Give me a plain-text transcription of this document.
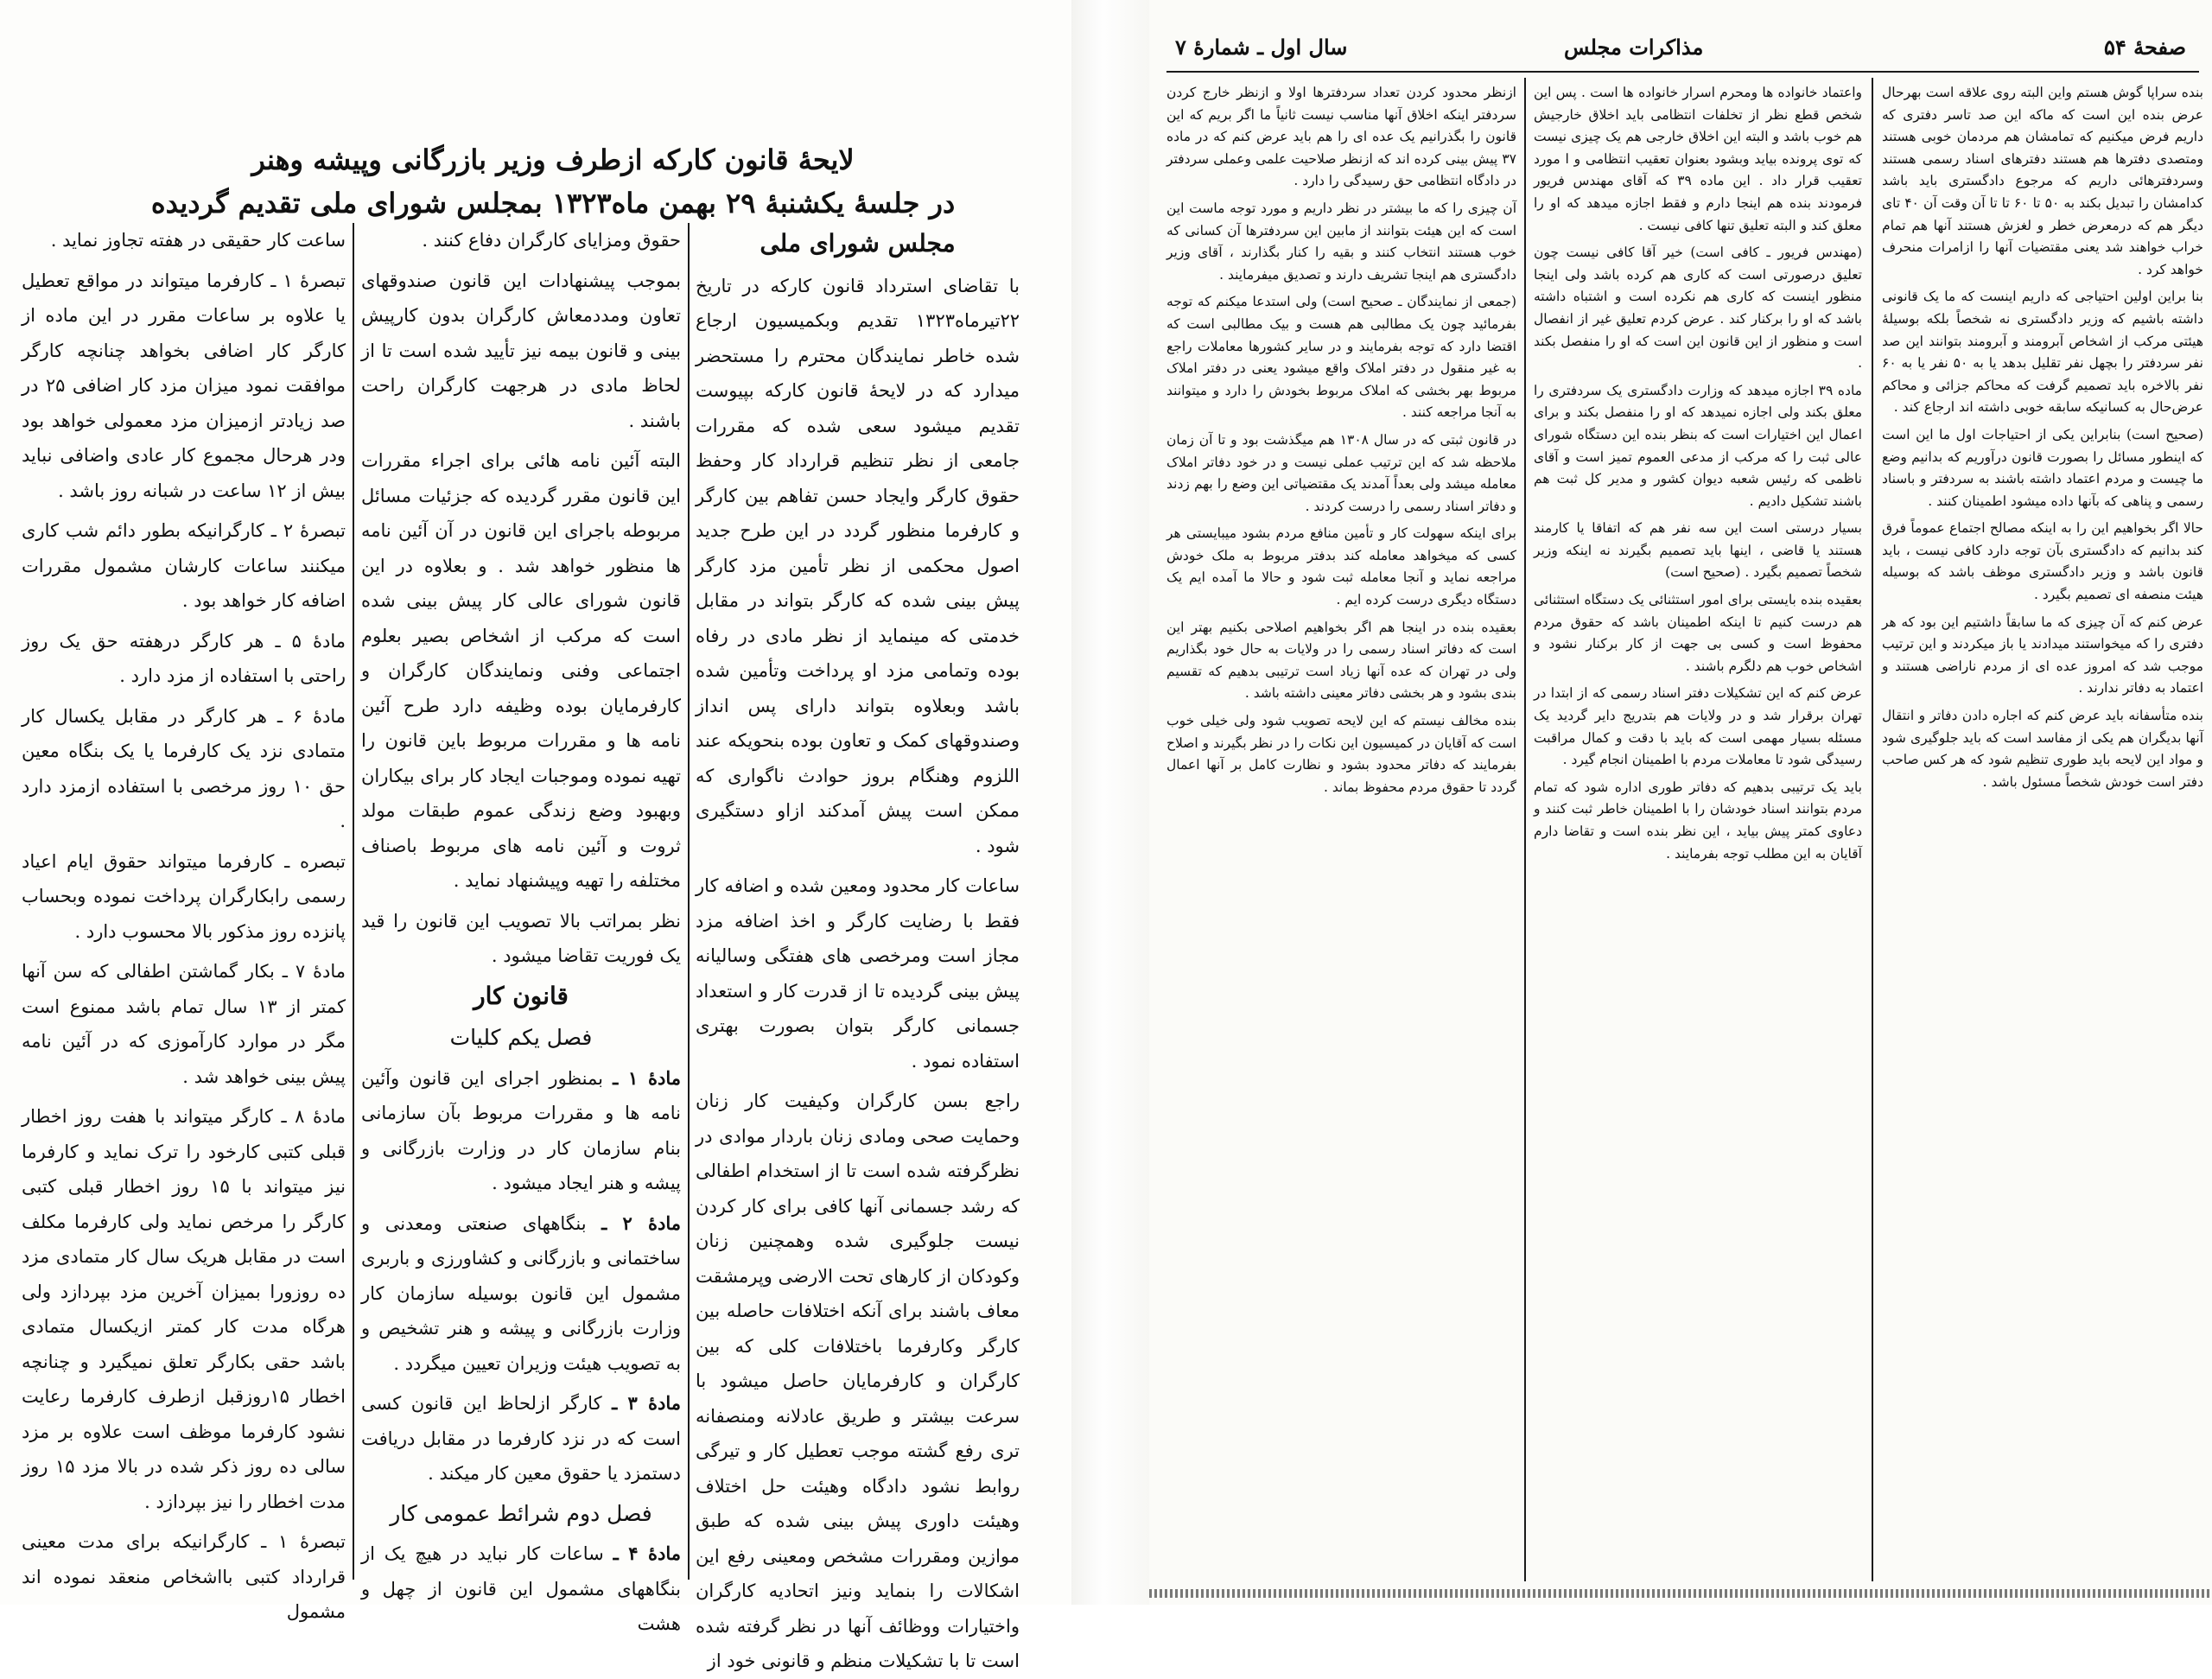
لایحهٔ قانون کارکه ازطرف وزیر بازرگانی وپیشه وهنر
در جلسهٔ یکشنبهٔ ۲۹ بهمن ماه۱۳۲۳ بمجلس شورای ملی تقدیم گردیده
مجلس شورای ملی

با تقاضای استرداد قانون کارکه در تاریخ ۲۲تیرماه۱۳۲۳ تقدیم وبکمیسیون ارجاع شده خاطر نمایندگان محترم را مستحضر میدارد که در لایحهٔ قانون کارکه بپیوست تقدیم میشود سعی شده که مقررات جامعی از نظر تنظیم قرارداد کار وحفظ حقوق کارگر وایجاد حسن تفاهم بین کارگر و کارفرما منظور گردد در این طرح جدید اصول محکمی از نظر تأمین مزد کارگر پیش بینی شده که کارگر بتواند در مقابل خدمتی که مینماید از نظر مادی در رفاه بوده وتمامی مزد او پرداخت وتأمین شده باشد وبعلاوه بتواند دارای پس انداز وصندوقهای کمک و تعاون بوده بنحویکه عند اللزوم وهنگام بروز حوادث ناگواری که ممکن است پیش آمدکند ازاو دستگیری شود .

ساعات کار محدود ومعین شده و اضافه کار فقط با رضایت کارگر و اخذ اضافه مزد مجاز است ومرخصی های هفتگی وسالیانه پیش بینی گردیده تا از قدرت کار و استعداد جسمانی کارگر بتوان بصورت بهتری استفاده نمود .

راجع بسن کارگران وکیفیت کار زنان وحمایت صحی ومادی زنان باردار موادی در نظرگرفته شده است تا از استخدام اطفالی که رشد جسمانی آنها کافی برای کار کردن نیست جلوگیری شده وهمچنین زنان وکودکان از کارهای تحت الارضی وپرمشقت معاف باشند برای آنکه اختلافات حاصله بین کارگر وکارفرما باختلافات کلی که بین کارگران و کارفرمایان حاصل میشود با سرعت بیشتر و طریق عادلانه ومنصفانه تری رفع گشته موجب تعطیل کار و تیرگی روابط نشود دادگاه وهیئت حل اختلاف وهیئت داوری پیش بینی شده که طبق موازین ومقررات مشخص ومعینی رفع این اشکالات را بنماید ونیز اتحادیه کارگران واختیارات ووظائف آنها در نظر گرفته شده است تا با تشکیلات منظم و قانونی خود از

حقوق ومزایای کارگران دفاع کنند .

بموجب پیشنهادات این قانون صندوقهای تعاون ومددمعاش کارگران بدون کارپیش بینی و قانون بیمه نیز تأیید شده است تا از لحاظ مادی در هرجهت کارگران راحت باشند .

البته آئین نامه هائی برای اجراء مقررات این قانون مقرر گردیده که جزئیات مسائل مربوطه باجرای این قانون در آن آئین نامه ها منظور خواهد شد . و بعلاوه در این قانون شورای عالی کار پیش بینی شده است که مرکب از اشخاص بصیر بعلوم اجتماعی وفنی ونمایندگان کارگران و کارفرمایان بوده وظیفه دارد طرح آئین نامه ها و مقررات مربوط باین قانون را تهیه نموده وموجبات ایجاد کار برای بیکاران وبهبود وضع زندگی عموم طبقات مولد ثروت و آئین نامه های مربوط باصناف مختلفه را تهیه وپیشنهاد نماید .

نظر بمراتب بالا تصویب این قانون را قید یک فوریت تقاضا میشود .

قانون کار
فصل یکم کلیات

مادهٔ ۱ ـ بمنظور اجرای این قانون وآئین نامه ها و مقررات مربوط بآن سازمانی بنام سازمان کار در وزارت بازرگانی و پیشه و هنر ایجاد میشود .

مادهٔ ۲ ـ بنگاههای صنعتی ومعدنی و ساختمانی و بازرگانی و کشاورزی و باربری مشمول این قانون بوسیله سازمان کار وزارت بازرگانی و پیشه و هنر تشخیص و به تصویب هیئت وزیران تعیین میگردد .

مادهٔ ۳ ـ کارگر ازلحاظ این قانون کسی است که در نزد کارفرما در مقابل دریافت دستمزد یا حقوق معین کار میکند .

فصل دوم شرائط عمومی کار

مادهٔ ۴ ـ ساعات کار نباید در هیچ یک از بنگاههای مشمول این قانون از چهل و هشت

ساعت کار حقیقی در هفته تجاوز نماید .

تبصرهٔ ۱ ـ کارفرما میتواند در مواقع تعطیل یا علاوه بر ساعات مقرر در این ماده از کارگر کار اضافی بخواهد چنانچه کارگر موافقت نمود میزان مزد کار اضافی ۲۵ در صد زیادتر ازمیزان مزد معمولی خواهد بود ودر هرحال مجموع کار عادی واضافی نباید بیش از ۱۲ ساعت در شبانه روز باشد .

تبصرهٔ ۲ ـ کارگرانیکه بطور دائم شب کاری میکنند ساعات کارشان مشمول مقررات اضافه کار خواهد بود .

مادهٔ ۵ ـ هر کارگر درهفته حق یک روز راحتی با استفاده از مزد دارد .

مادهٔ ۶ ـ هر کارگر در مقابل یکسال کار متمادی نزد یک کارفرما یا یک بنگاه معین حق ۱۰ روز مرخصی با استفاده ازمزد دارد .

تبصره ـ کارفرما میتواند حقوق ایام اعیاد رسمی رابکارگران پرداخت نموده وبحساب پانزده روز مذکور بالا محسوب دارد .

مادهٔ ۷ ـ بکار گماشتن اطفالی که سن آنها کمتر از ۱۳ سال تمام باشد ممنوع است مگر در موارد کارآموزی که در آئین نامه پیش بینی خواهد شد .

مادهٔ ۸ ـ کارگر میتواند با هفت روز اخطار قبلی کتبی کارخود را ترک نماید و کارفرما نیز میتواند با ۱۵ روز اخطار قبلی کتبی کارگر را مرخص نماید ولی کارفرما مکلف است در مقابل هریک سال کار متمادی مزد ده روزورا بمیزان آخرین مزد بپردازد ولی هرگاه مدت کار کمتر ازیکسال متمادی باشد حقی بکارگر تعلق نمیگیرد و چنانچه اخطار ۱۵روزقبل ازطرف کارفرما رعایت نشود کارفرما موظف است علاوه بر مزد سالی ده روز ذکر شده در بالا مزد ۱۵ روز مدت اخطار را نیز بپردازد .

تبصرهٔ ۱ ـ کارگرانیکه برای مدت معینی قرارداد کتبی بااشخاص منعقد نموده اند مشمول

صفحهٔ ۵۴
مذاکرات مجلس
سال اول ـ شمارهٔ ۷

بنده سراپا گوش هستم واین البته روی علاقه است بهرحال عرض بنده این است که ماکه این صد تاسر دفتری که داریم فرض میکنیم که تمامشان هم مردمان خوبی هستند ومتصدی دفترها هم هستند دفترهای اسناد رسمی هستند وسردفترهائی داریم که مرجوع دادگستری باید باشد کدامشان را تبدیل بکند به ۵۰ تا ۶۰ تا تا آن وقت آن ۴۰ تای دیگر هم که درمعرض خطر و لغزش هستند آنها هم تمام خراب خواهند شد یعنی مقتضیات آنها را ازامرات منحرف خواهد کرد .

بنا براین اولین احتیاجی که داریم اینست که ما یک قانونی داشته باشیم که وزیر دادگستری نه شخصاً بلکه بوسیلهٔ هیئتی مرکب از اشخاص آبرومند و آبرومند بتوانند این صد نفر سردفتر را بچهل نفر تقلیل بدهد یا به ۵۰ نفر یا به ۶۰ نفر بالاخره باید تصمیم گرفت که محاکم جزائی و محاکم عرض‌حال به کسانیکه سابقه خوبی داشته اند ارجاع کند .

(صحیح است) بنابراین یکی از احتیاجات اول ما این است که اینطور مسائل را بصورت قانون درآوریم که بدانیم وضع ما چیست و مردم اعتماد داشته باشند به سردفتر و باسناد رسمی و پناهی که بآنها داده میشود اطمینان کنند .

حالا اگر بخواهیم این را به اینکه مصالح اجتماع عموماً فرق کند بدانیم که دادگستری بآن توجه دارد کافی نیست ، باید قانون باشد و وزیر دادگستری موظف باشد که بوسیله هیئت منصفه ای تصمیم بگیرد .

عرض کنم که آن چیزی که ما سابقاً داشتیم این بود که هر دفتری را که میخواستند میدادند یا باز میکردند و این ترتیب موجب شد که امروز عده ای از مردم ناراضی هستند و اعتماد به دفاتر ندارند .

بنده متأسفانه باید عرض کنم که اجاره دادن دفاتر و انتقال آنها بدیگران هم یکی از مفاسد است که باید جلوگیری شود و مواد این لایحه باید طوری تنظیم شود که هر کس صاحب دفتر است خودش شخصاً مسئول باشد .

واعتماد خانواده ها ومحرم اسرار خانواده ها است . پس این شخص قطع نظر از تخلفات انتظامی باید اخلاق خارجیش هم خوب باشد و البته این اخلاق خارجی هم یک چیزی نیست که توی پرونده بیاید وبشود بعنوان تعقیب انتظامی و ا مورد تعقیب قرار داد . این ماده ۳۹ که آقای مهندس فریور فرمودند بنده هم اینجا دارم و فقط اجازه میدهد که او را معلق کند و البته تعلیق تنها کافی نیست .

(مهندس فریور ـ کافی است) خیر آقا کافی نیست چون تعلیق درصورتی است که کاری هم کرده باشد ولی اینجا منظور اینست که کاری هم نکرده است و اشتباه داشته باشد که او را برکنار کند . عرض کردم تعلیق غیر از انفصال است و منظور از این قانون این است که او را منفصل بکند .

ماده ۳۹ اجازه میدهد که وزارت دادگستری یک سردفتری را معلق بکند ولی اجازه نمیدهد که او را منفصل بکند و برای اعمال این اختیارات است که بنظر بنده این دستگاه شورای عالی ثبت را که مرکب از مدعی العموم تمیز است و آقای ناظمی که رئیس شعبه دیوان کشور و مدیر کل ثبت هم باشند تشکیل دادیم .

بسیار درستی است این سه نفر هم که اتفاقا یا کارمند هستند یا قاضی ، اینها باید تصمیم بگیرند نه اینکه وزیر شخصاً تصمیم بگیرد . (صحیح است)

بعقیده بنده بایستی برای امور استثنائی یک دستگاه استثنائی هم درست کنیم تا اینکه اطمینان باشد که حقوق مردم محفوظ است و کسی بی جهت از کار برکنار نشود و اشخاص خوب هم دلگرم باشند .

عرض کنم که این تشکیلات دفتر اسناد رسمی که از ابتدا در تهران برقرار شد و در ولایات هم بتدریج دایر گردید یک مسئله بسیار مهمی است که باید با دقت و کمال مراقبت رسیدگی شود تا معاملات مردم با اطمینان انجام گیرد .

باید یک ترتیبی بدهیم که دفاتر طوری اداره شود که تمام مردم بتوانند اسناد خودشان را با اطمینان خاطر ثبت کنند و دعاوی کمتر پیش بیاید ، این نظر بنده است و تقاضا دارم آقایان به این مطلب توجه بفرمایند .

ازنظر محدود کردن تعداد سردفترها اولا و ازنظر خارج کردن سردفتر اینکه اخلاق آنها مناسب نیست ثانیاً ما اگر بریم که این قانون را بگذرانیم یک عده ای را هم باید عرض کنم که در ماده ۳۷ پیش بینی کرده اند که ازنظر صلاحیت علمی وعملی سردفتر در دادگاه انتظامی حق رسیدگی را دارد .

آن چیزی را که ما بیشتر در نظر داریم و مورد توجه ماست این است که این هیئت بتوانند از مابین این سردفترها آن کسانی که خوب هستند انتخاب کنند و بقیه را کنار بگذارند ، آقای وزیر دادگستری هم اینجا تشریف دارند و تصدیق میفرمایند .

(جمعی از نمایندگان ـ صحیح است) ولی استدعا میکنم که توجه بفرمائید چون یک مطالبی هم هست و بیک مطالبی است که اقتضا دارد که توجه بفرمایند و در سایر کشورها معاملات راجع به غیر منقول در دفتر املاک واقع میشود یعنی در دفتر املاک مربوط بهر بخشی که املاک مربوط بخودش را دارد و میتوانند به آنجا مراجعه کنند .

در قانون ثبتی که در سال ۱۳۰۸ هم میگذشت بود و تا آن زمان ملاحظه شد که این ترتیب عملی نیست و در خود دفاتر املاک معامله میشد ولی بعداً آمدند یک مقتضیاتی این وضع را بهم زدند و دفاتر اسناد رسمی را درست کردند .

برای اینکه سهولت کار و تأمین منافع مردم بشود میبایستی هر کسی که میخواهد معامله کند بدفتر مربوط به ملک خودش مراجعه نماید و آنجا معامله ثبت شود و حالا ما آمده ایم یک دستگاه دیگری درست کرده ایم .

بعقیده بنده در اینجا هم اگر بخواهیم اصلاحی بکنیم بهتر این است که دفاتر اسناد رسمی را در ولایات به حال خود بگذاریم ولی در تهران که عده آنها زیاد است ترتیبی بدهیم که تقسیم بندی بشود و هر بخشی دفاتر معینی داشته باشد .

بنده مخالف نیستم که این لایحه تصویب شود ولی خیلی خوب است که آقایان در کمیسیون این نکات را در نظر بگیرند و اصلاح بفرمایند که دفاتر محدود بشود و نظارت کامل بر آنها اعمال گردد تا حقوق مردم محفوظ بماند .
